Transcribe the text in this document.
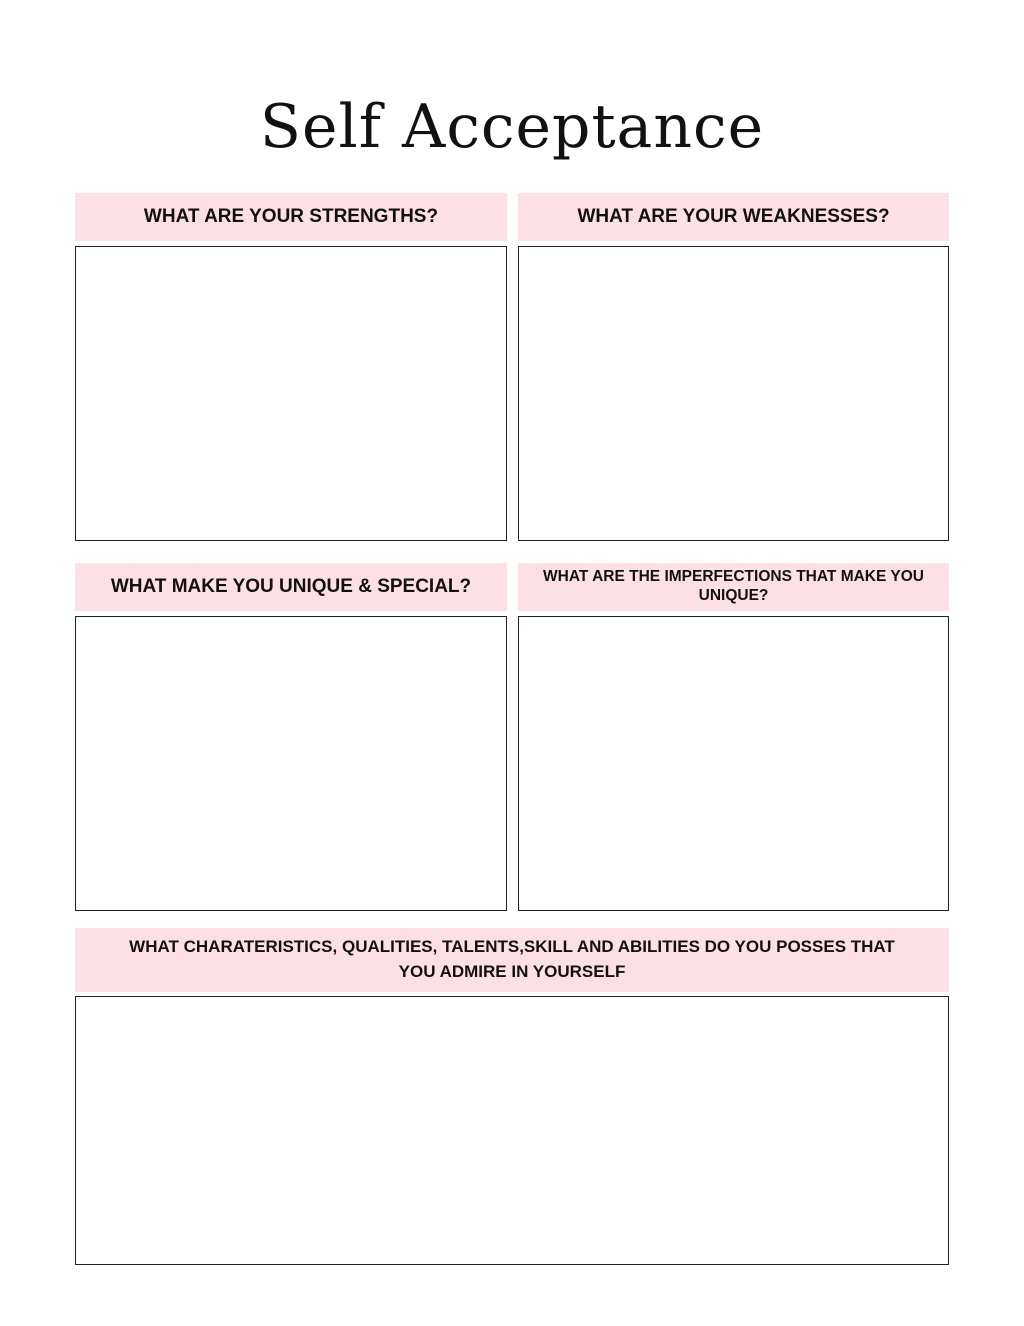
Self Acceptance
WHAT ARE YOUR STRENGTHS?	WHAT ARE YOUR WEAKNESSES?
WHAT MAKE YOU UNIQUE & SPECIAL?	WHAT ARE THE IMPERFECTIONS THAT MAKE YOU UNIQUE?
WHAT CHARATERISTICS, QUALITIES, TALENTS,SKILL AND ABILITIES DO YOU POSSES THAT YOU ADMIRE IN YOURSELF
